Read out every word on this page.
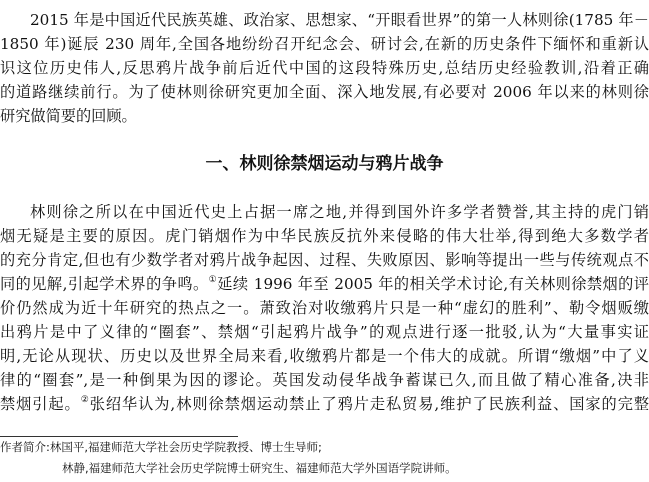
2015 年是中国近代民族英雄、政治家、思想家、“开眼看世界”的第一人林则徐(1785 年－
1850 年)诞辰 230 周年,全国各地纷纷召开纪念会、研讨会,在新的历史条件下缅怀和重新认
识这位历史伟人,反思鸦片战争前后近代中国的这段特殊历史,总结历史经验教训,沿着正确
的道路继续前行。为了使林则徐研究更加全面、深入地发展,有必要对 2006 年以来的林则徐
研究做简要的回顾。
一、林则徐禁烟运动与鸦片战争
林则徐之所以在中国近代史上占据一席之地,并得到国外许多学者赞誉,其主持的虎门销
烟无疑是主要的原因。虎门销烟作为中华民族反抗外来侵略的伟大壮举,得到绝大多数学者
的充分肯定,但也有少数学者对鸦片战争起因、过程、失败原因、影响等提出一些与传统观点不
同的见解,引起学术界的争鸣。①延续 1996 年至 2005 年的相关学术讨论,有关林则徐禁烟的评
价仍然成为近十年研究的热点之一。萧致治对收缴鸦片只是一种“虚幻的胜利”、勒令烟贩缴
出鸦片是中了义律的“圈套”、禁烟“引起鸦片战争”的观点进行逐一批驳,认为“大量事实证
明,无论从现状、历史以及世界全局来看,收缴鸦片都是一个伟大的成就。所谓“缴烟”中了义
律的“圈套”,是一种倒果为因的谬论。英国发动侵华战争蓄谋已久,而且做了精心准备,决非
禁烟引起。②张绍华认为,林则徐禁烟运动禁止了鸦片走私贸易,维护了民族利益、国家的完整
作者简介:林国平,福建师范大学社会历史学院教授、博士生导师;
林静,福建师范大学社会历史学院博士研究生、福建师范大学外国语学院讲师。
